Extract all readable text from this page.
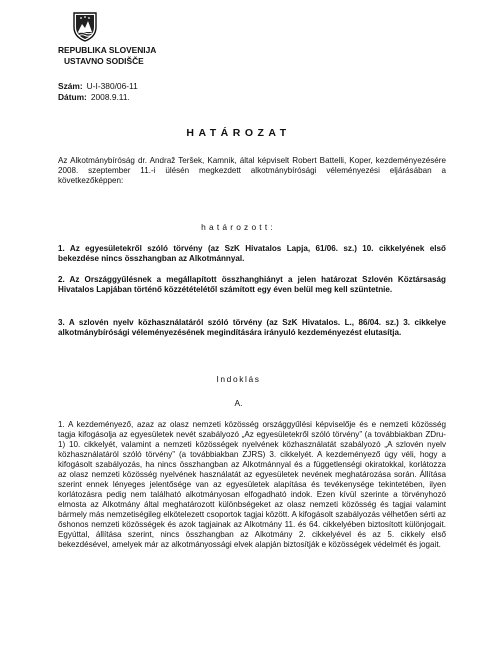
REPUBLIKA SLOVENIJA
USTAVNO SODIŠČE
Szám: U-I-380/06-11
Dátum: 2008.9.11.
HATÁROZAT
Az Alkotmánybíróság dr. Andraž Teršek, Kamnik, által képviselt Robert Battelli, Koper, kezdeményezésére 2008. szeptember 11.-i ülésén megkezdett alkotmánybírósági véleményezési eljárásában a következőképpen:
határozott:
1. Az egyesületekről szóló törvény (az SzK Hivatalos Lapja, 61/06. sz.) 10. cikkelyének első bekezdése nincs összhangban az Alkotmánnyal.
2. Az Országgyűlésnek a megállapított összhanghiányt a jelen határozat Szlovén Köztársaság Hivatalos Lapjában történő közzétételétől számított egy éven belül meg kell szüntetnie.
3. A szlovén nyelv közhasználatáról szóló törvény (az SzK Hivatalos. L., 86/04. sz.) 3. cikkelye alkotmánybírósági véleményezésének megindítására irányuló kezdeményezést elutasítja.
Indoklás
A.
1. A kezdeményező, azaz az olasz nemzeti közösség országgyűlési képviselője és e nemzeti közösség tagja kifogásolja az egyesületek nevét szabályozó „Az egyesületekről szóló törvény” (a továbbiakban ZDru-1) 10. cikkelyét, valamint a nemzeti közösségek nyelvének közhasználatát szabályozó „A szlovén nyelv közhasználatáról szóló törvény” (a továbbiakban ZJRS) 3. cikkelyét. A kezdeményező úgy véli, hogy a kifogásolt szabályozás, ha nincs összhangban az Alkotmánnyal és a függetlenségi okiratokkal, korlátozza az olasz nemzeti közösség nyelvének használatát az egyesületek nevének meghatározása során. Állítása szerint ennek lényeges jelentősége van az egyesületek alapítása és tevékenysége tekintetében, ilyen korlátozásra pedig nem található alkotmányosan elfogadható indok. Ezen kívül szerinte a törvényhozó elmosta az Alkotmány által meghatározott különbségeket az olasz nemzeti közösség és tagjai valamint bármely más nemzetiségileg elkötelezett csoportok tagjai között. A kifogásolt szabályozás vélhetően sérti az őshonos nemzeti közösségek és azok tagjainak az Alkotmány 11. és 64. cikkelyében biztosított különjogait. Egyúttal, állítása szerint, nincs összhangban az Alkotmány 2. cikkelyével és az 5. cikkely első bekezdésével, amelyek már az alkotmányossági elvek alapján biztosítják e közösségek védelmét és jogait.
